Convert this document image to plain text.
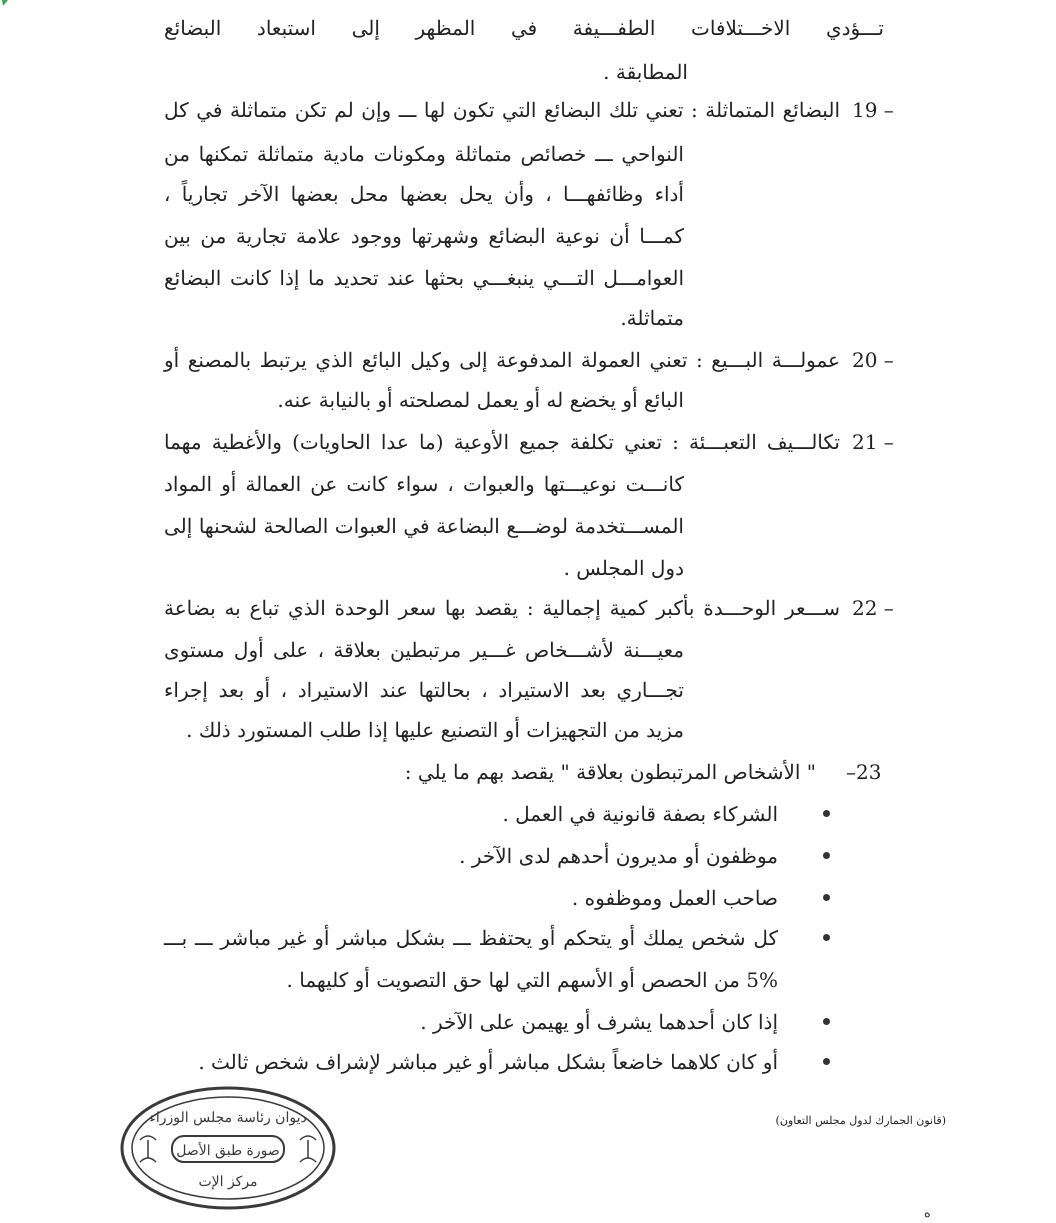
تـــؤدي الاخـــتلافات الطفـــيفة في المظهر إلى استبعاد البضائع
المطابقة .
19 –
البضائع المتماثلة : تعني تلك البضائع التي تكون لها ـــ وإن لم تكن متماثلة في كل
النواحي ـــ خصائص متماثلة ومكونات مادية متماثلة تمكنها من
أداء وظائفهـــا ، وأن يحل بعضها محل بعضها الآخر تجارياً ،
كمـــا أن نوعية البضائع وشهرتها ووجود علامة تجارية من بين
العوامـــل التـــي ينبغـــي بحثها عند تحديد ما إذا كانت البضائع
متماثلة.
20 –
عمولـــة البـــيع : تعني العمولة المدفوعة إلى وكيل البائع الذي يرتبط بالمصنع أو
البائع أو يخضع له أو يعمل لمصلحته أو بالنيابة عنه.
21 –
تكالـــيف التعبـــئة : تعني تكلفة جميع الأوعية (ما عدا الحاويات) والأغطية مهما
كانـــت نوعيـــتها والعبوات ، سواء كانت عن العمالة أو المواد
المســـتخدمة لوضـــع البضاعة في العبوات الصالحة لشحنها إلى
دول المجلس .
22 –
ســـعر الوحـــدة بأكبر كمية إجمالية : يقصد بها سعر الوحدة الذي تباع به بضاعة
معيـــنة لأشـــخاص غـــير مرتبطين بعلاقة ، على أول مستوى
تجـــاري بعد الاستيراد ، بحالتها عند الاستيراد ، أو بعد إجراء
مزيد من التجهيزات أو التصنيع عليها إذا طلب المستورد ذلك .
–23
" الأشخاص المرتبطون بعلاقة " يقصد بهم ما يلي :
الشركاء بصفة قانونية في العمل .
موظفون أو مديرون أحدهم لدى الآخر .
صاحب العمل وموظفوه .
كل شخص يملك أو يتحكم أو يحتفظ ـــ بشكل مباشر أو غير مباشر ـــ بـــ
5% من الحصص أو الأسهم التي لها حق التصويت أو كليهما .
إذا كان أحدهما يشرف أو يهيمن على الآخر .
أو كان كلاهما خاضعاً بشكل مباشر أو غير مباشر لإشراف شخص ثالث .
ديوان رئاسة مجلس الوزراء
صورة طبق الأصل
مركز الإت
(قانون الجمارك لدول مجلس التعاون)
ه
